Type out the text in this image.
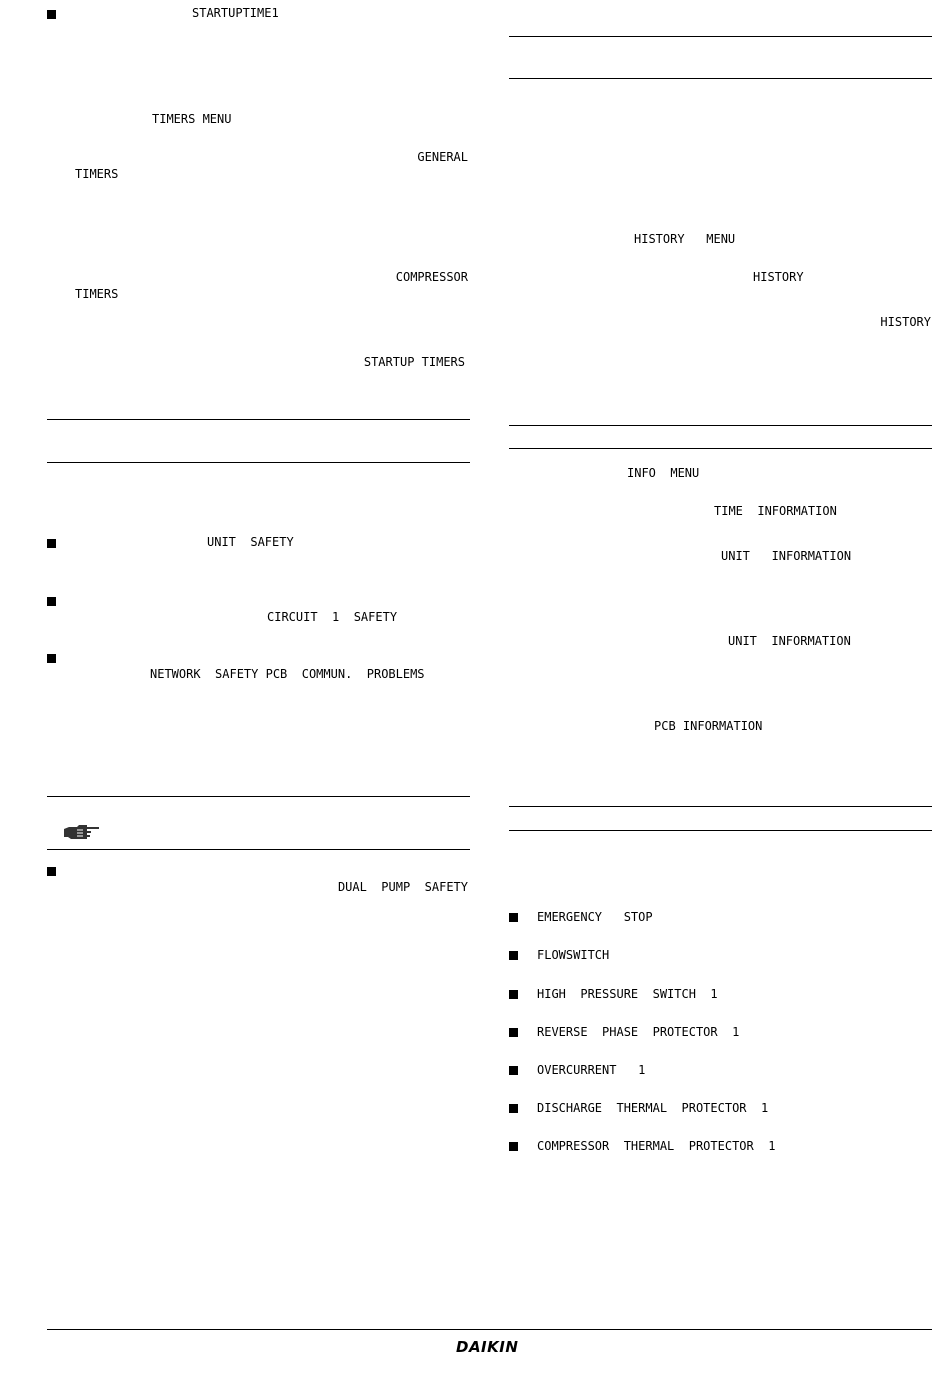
STARTUPTIME1
TIMERS MENU
GENERAL
TIMERS
COMPRESSOR
TIMERS
STARTUP TIMERS
UNIT  SAFETY
CIRCUIT  1  SAFETY
NETWORK  SAFETY PCB  COMMUN.  PROBLEMS
DUAL  PUMP  SAFETY
HISTORY   MENU
HISTORY
HISTORY
INFO  MENU
TIME  INFORMATION
UNIT   INFORMATION
UNIT  INFORMATION
PCB INFORMATION
EMERGENCY   STOP
FLOWSWITCH
HIGH  PRESSURE  SWITCH  1
REVERSE  PHASE  PROTECTOR  1
OVERCURRENT   1
DISCHARGE  THERMAL  PROTECTOR  1
COMPRESSOR  THERMAL  PROTECTOR  1
DAIKIN
